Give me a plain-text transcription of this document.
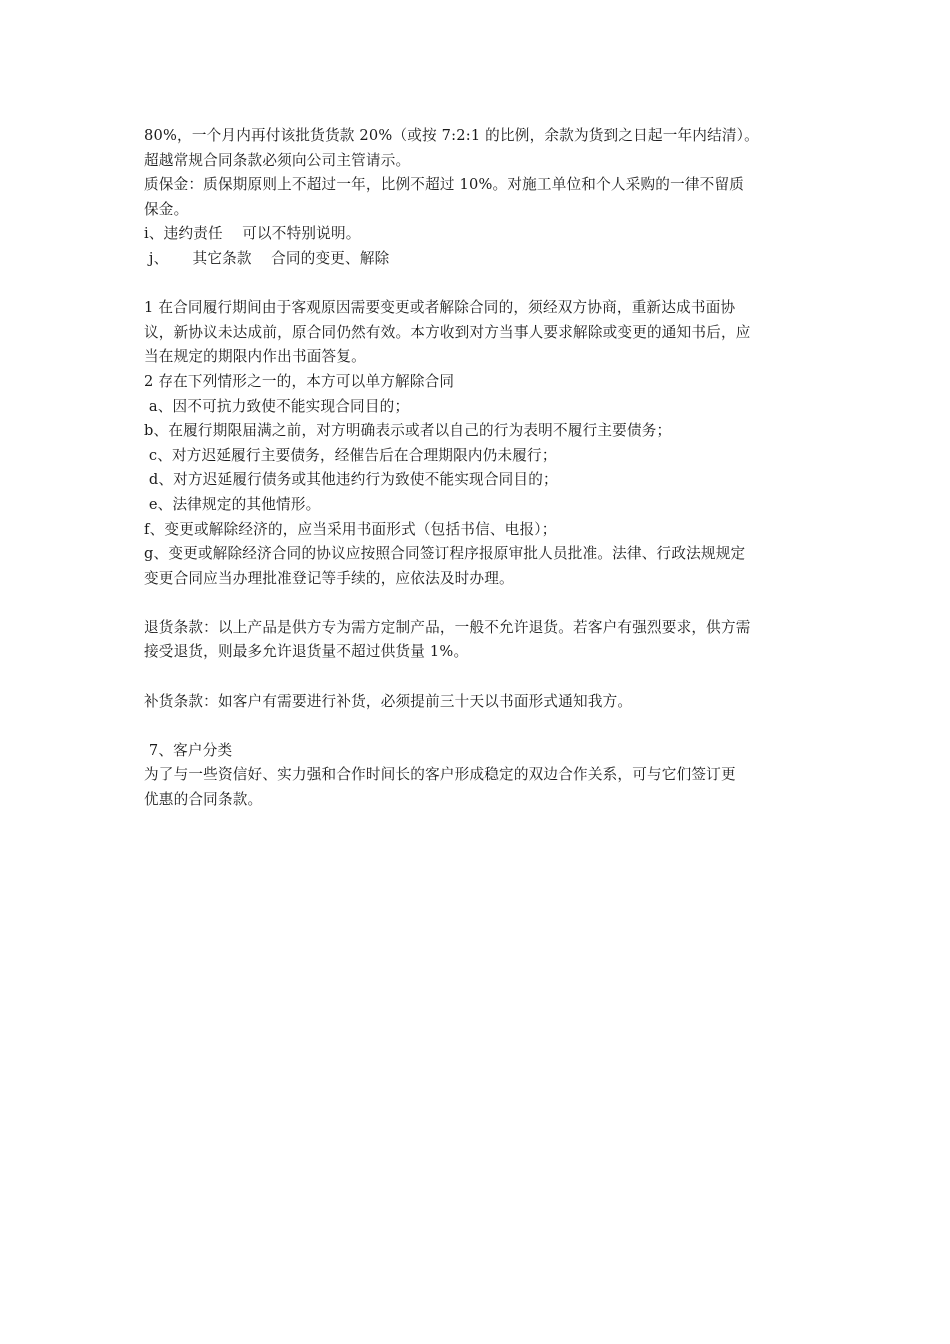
80%，一个月内再付该批货货款 20%（或按 7:2:1 的比例，余款为货到之日起一年内结清）。
超越常规合同条款必须向公司主管请示。
质保金：质保期原则上不超过一年，比例不超过 10%。对施工单位和个人采购的一律不留质
保金。
i、违约责任    可以不特别说明。
j、     其它条款    合同的变更、解除
1 在合同履行期间由于客观原因需要变更或者解除合同的，须经双方协商，重新达成书面协
议，新协议未达成前，原合同仍然有效。本方收到对方当事人要求解除或变更的通知书后，应
当在规定的期限内作出书面答复。
2 存在下列情形之一的，本方可以单方解除合同
a、因不可抗力致使不能实现合同目的；
b、在履行期限届满之前，对方明确表示或者以自己的行为表明不履行主要债务；
c、对方迟延履行主要债务，经催告后在合理期限内仍未履行；
d、对方迟延履行债务或其他违约行为致使不能实现合同目的；
e、法律规定的其他情形。
f、变更或解除经济的，应当采用书面形式（包括书信、电报）；
g、变更或解除经济合同的协议应按照合同签订程序报原审批人员批准。法律、行政法规规定
变更合同应当办理批准登记等手续的，应依法及时办理。
退货条款：以上产品是供方专为需方定制产品，一般不允许退货。若客户有强烈要求，供方需
接受退货，则最多允许退货量不超过供货量 1%。
补货条款：如客户有需要进行补货，必须提前三十天以书面形式通知我方。
7、客户分类
为了与一些资信好、实力强和合作时间长的客户形成稳定的双边合作关系，可与它们签订更
优惠的合同条款。
